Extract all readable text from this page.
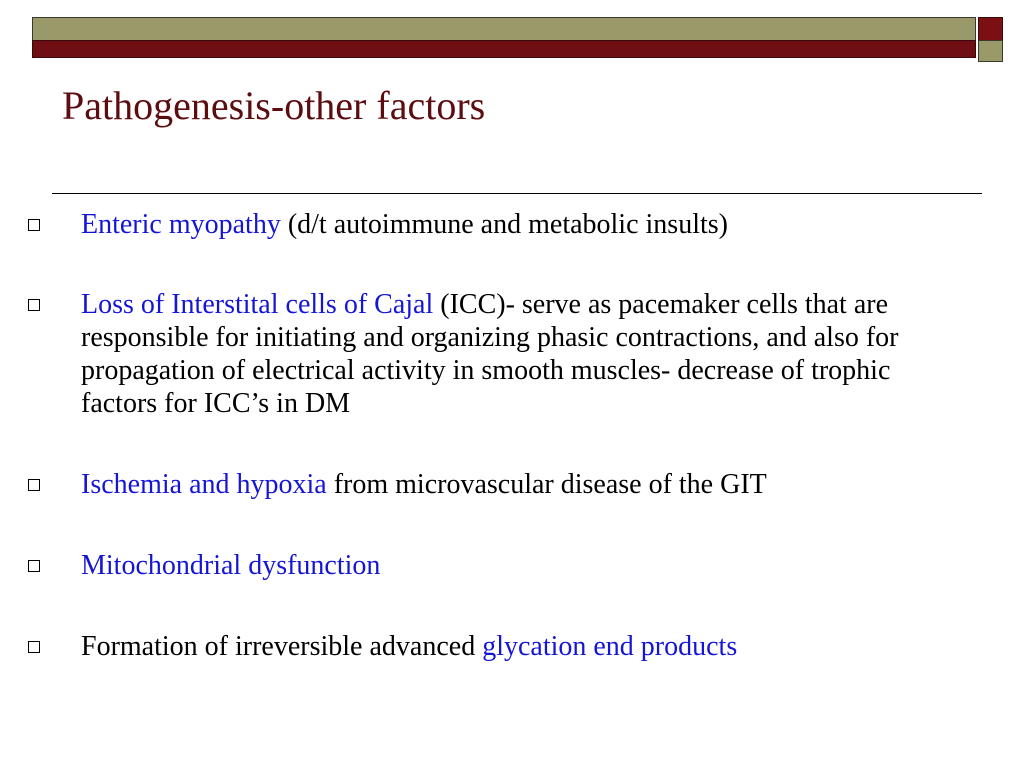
Pathogenesis-other factors
Enteric myopathy (d/t autoimmune and metabolic insults)
Loss of Interstital cells of Cajal (ICC)- serve as pacemaker cells that are responsible for initiating and organizing phasic contractions, and also for propagation of electrical activity in smooth muscles- decrease of trophic factors for ICC’s in DM
Ischemia and hypoxia from microvascular disease of the GIT
Mitochondrial dysfunction
Formation of irreversible advanced glycation end products
